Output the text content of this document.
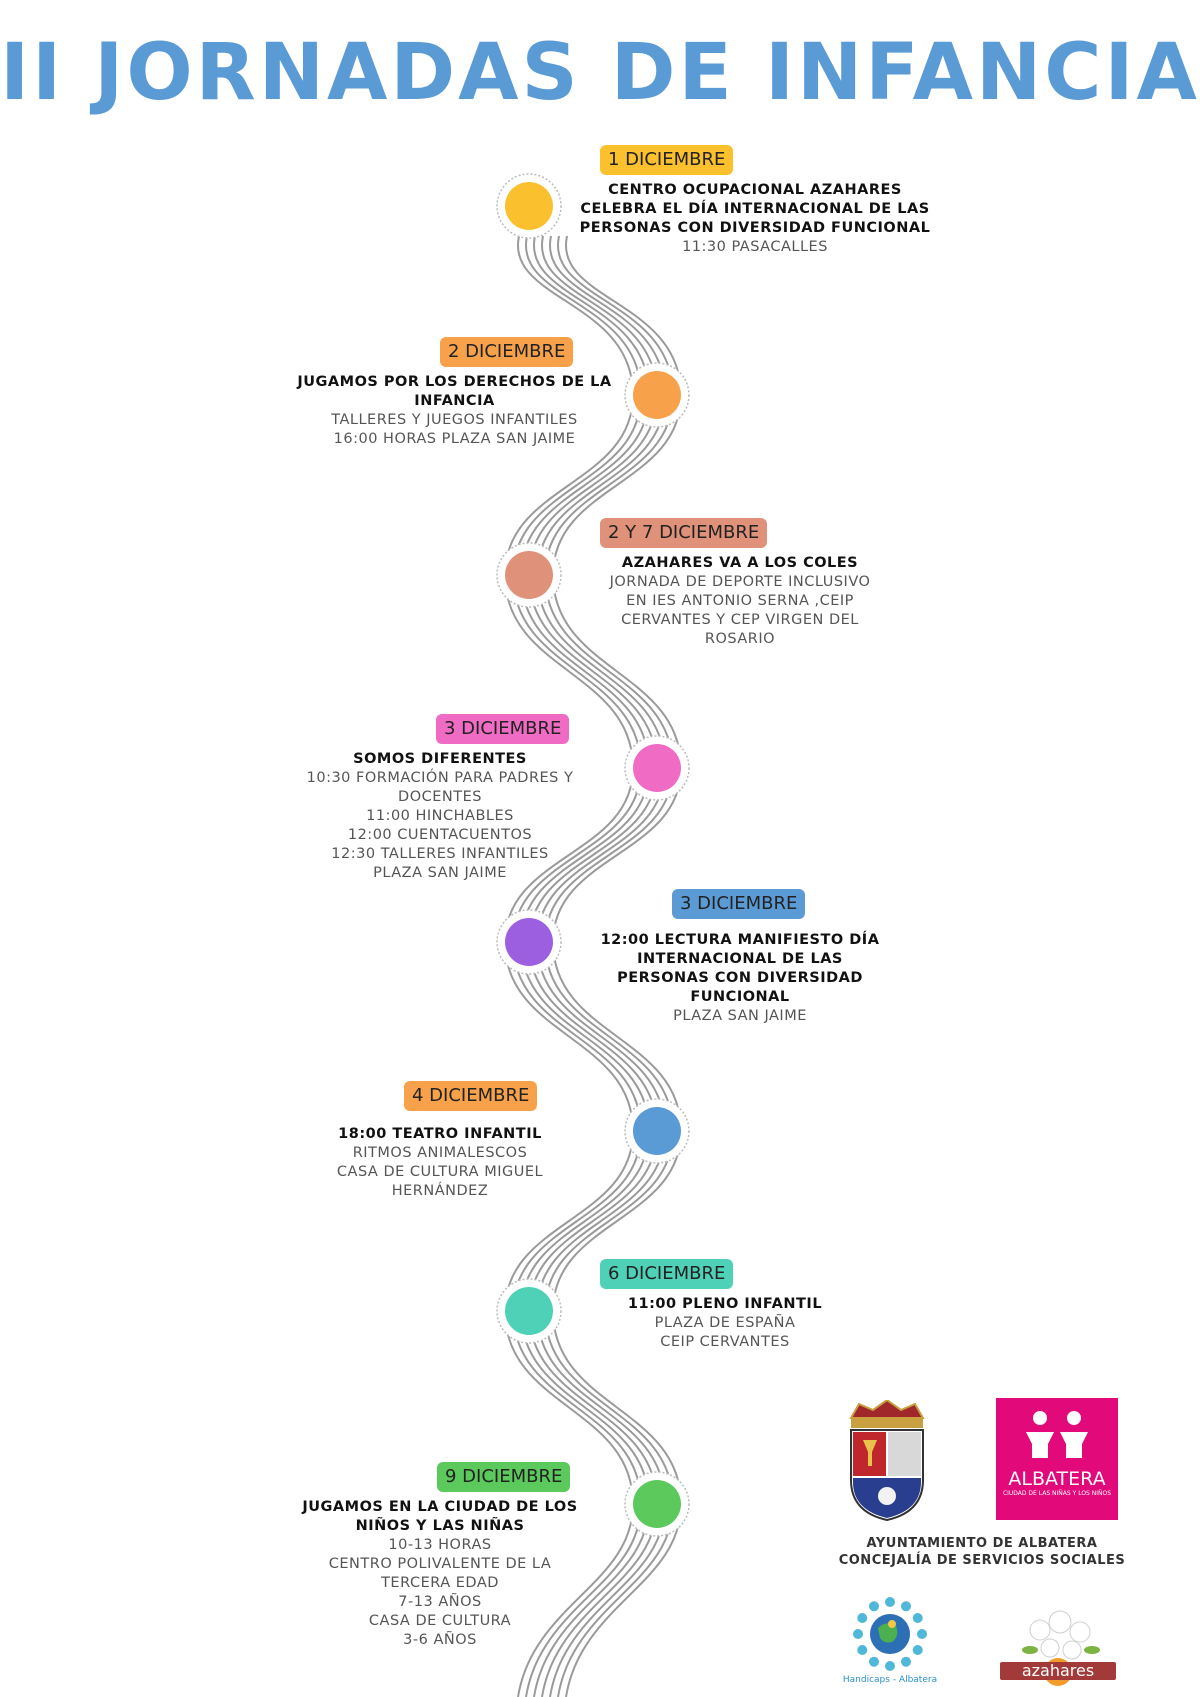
II JORNADAS DE INFANCIA
1 DICIEMBRE
CENTRO OCUPACIONAL AZAHARES
CELEBRA EL DÍA INTERNACIONAL DE LAS
PERSONAS CON DIVERSIDAD FUNCIONAL
11:30 PASACALLES
2 DICIEMBRE
JUGAMOS POR LOS DERECHOS DE LA
INFANCIA
TALLERES Y JUEGOS INFANTILES
16:00 HORAS PLAZA SAN JAIME
2 Y 7 DICIEMBRE
AZAHARES VA A LOS COLES
JORNADA DE DEPORTE INCLUSIVO
EN IES ANTONIO SERNA ,CEIP
CERVANTES Y CEP VIRGEN DEL
ROSARIO
3 DICIEMBRE
SOMOS DIFERENTES
10:30 FORMACIÓN PARA PADRES Y
DOCENTES
11:00 HINCHABLES
12:00 CUENTACUENTOS
12:30 TALLERES INFANTILES
PLAZA SAN JAIME
3 DICIEMBRE
12:00 LECTURA MANIFIESTO DÍA
INTERNACIONAL DE LAS
PERSONAS CON DIVERSIDAD
FUNCIONAL
PLAZA SAN JAIME
4 DICIEMBRE
18:00 TEATRO INFANTIL
RITMOS ANIMALESCOS
CASA DE CULTURA MIGUEL
HERNÁNDEZ
6 DICIEMBRE
11:00 PLENO INFANTIL
PLAZA DE ESPAÑA
CEIP CERVANTES
9 DICIEMBRE
JUGAMOS EN LA CIUDAD DE LOS
NIÑOS Y LAS NIÑAS
10-13 HORAS
CENTRO POLIVALENTE DE LA
TERCERA EDAD
7-13 AÑOS
CASA DE CULTURA
3-6 AÑOS
ALBATERA
CIUDAD DE LAS NIÑAS Y LOS NIÑOS
AYUNTAMIENTO DE ALBATERA
CONCEJALÍA DE SERVICIOS SOCIALES
Handicaps - Albatera	azahares
